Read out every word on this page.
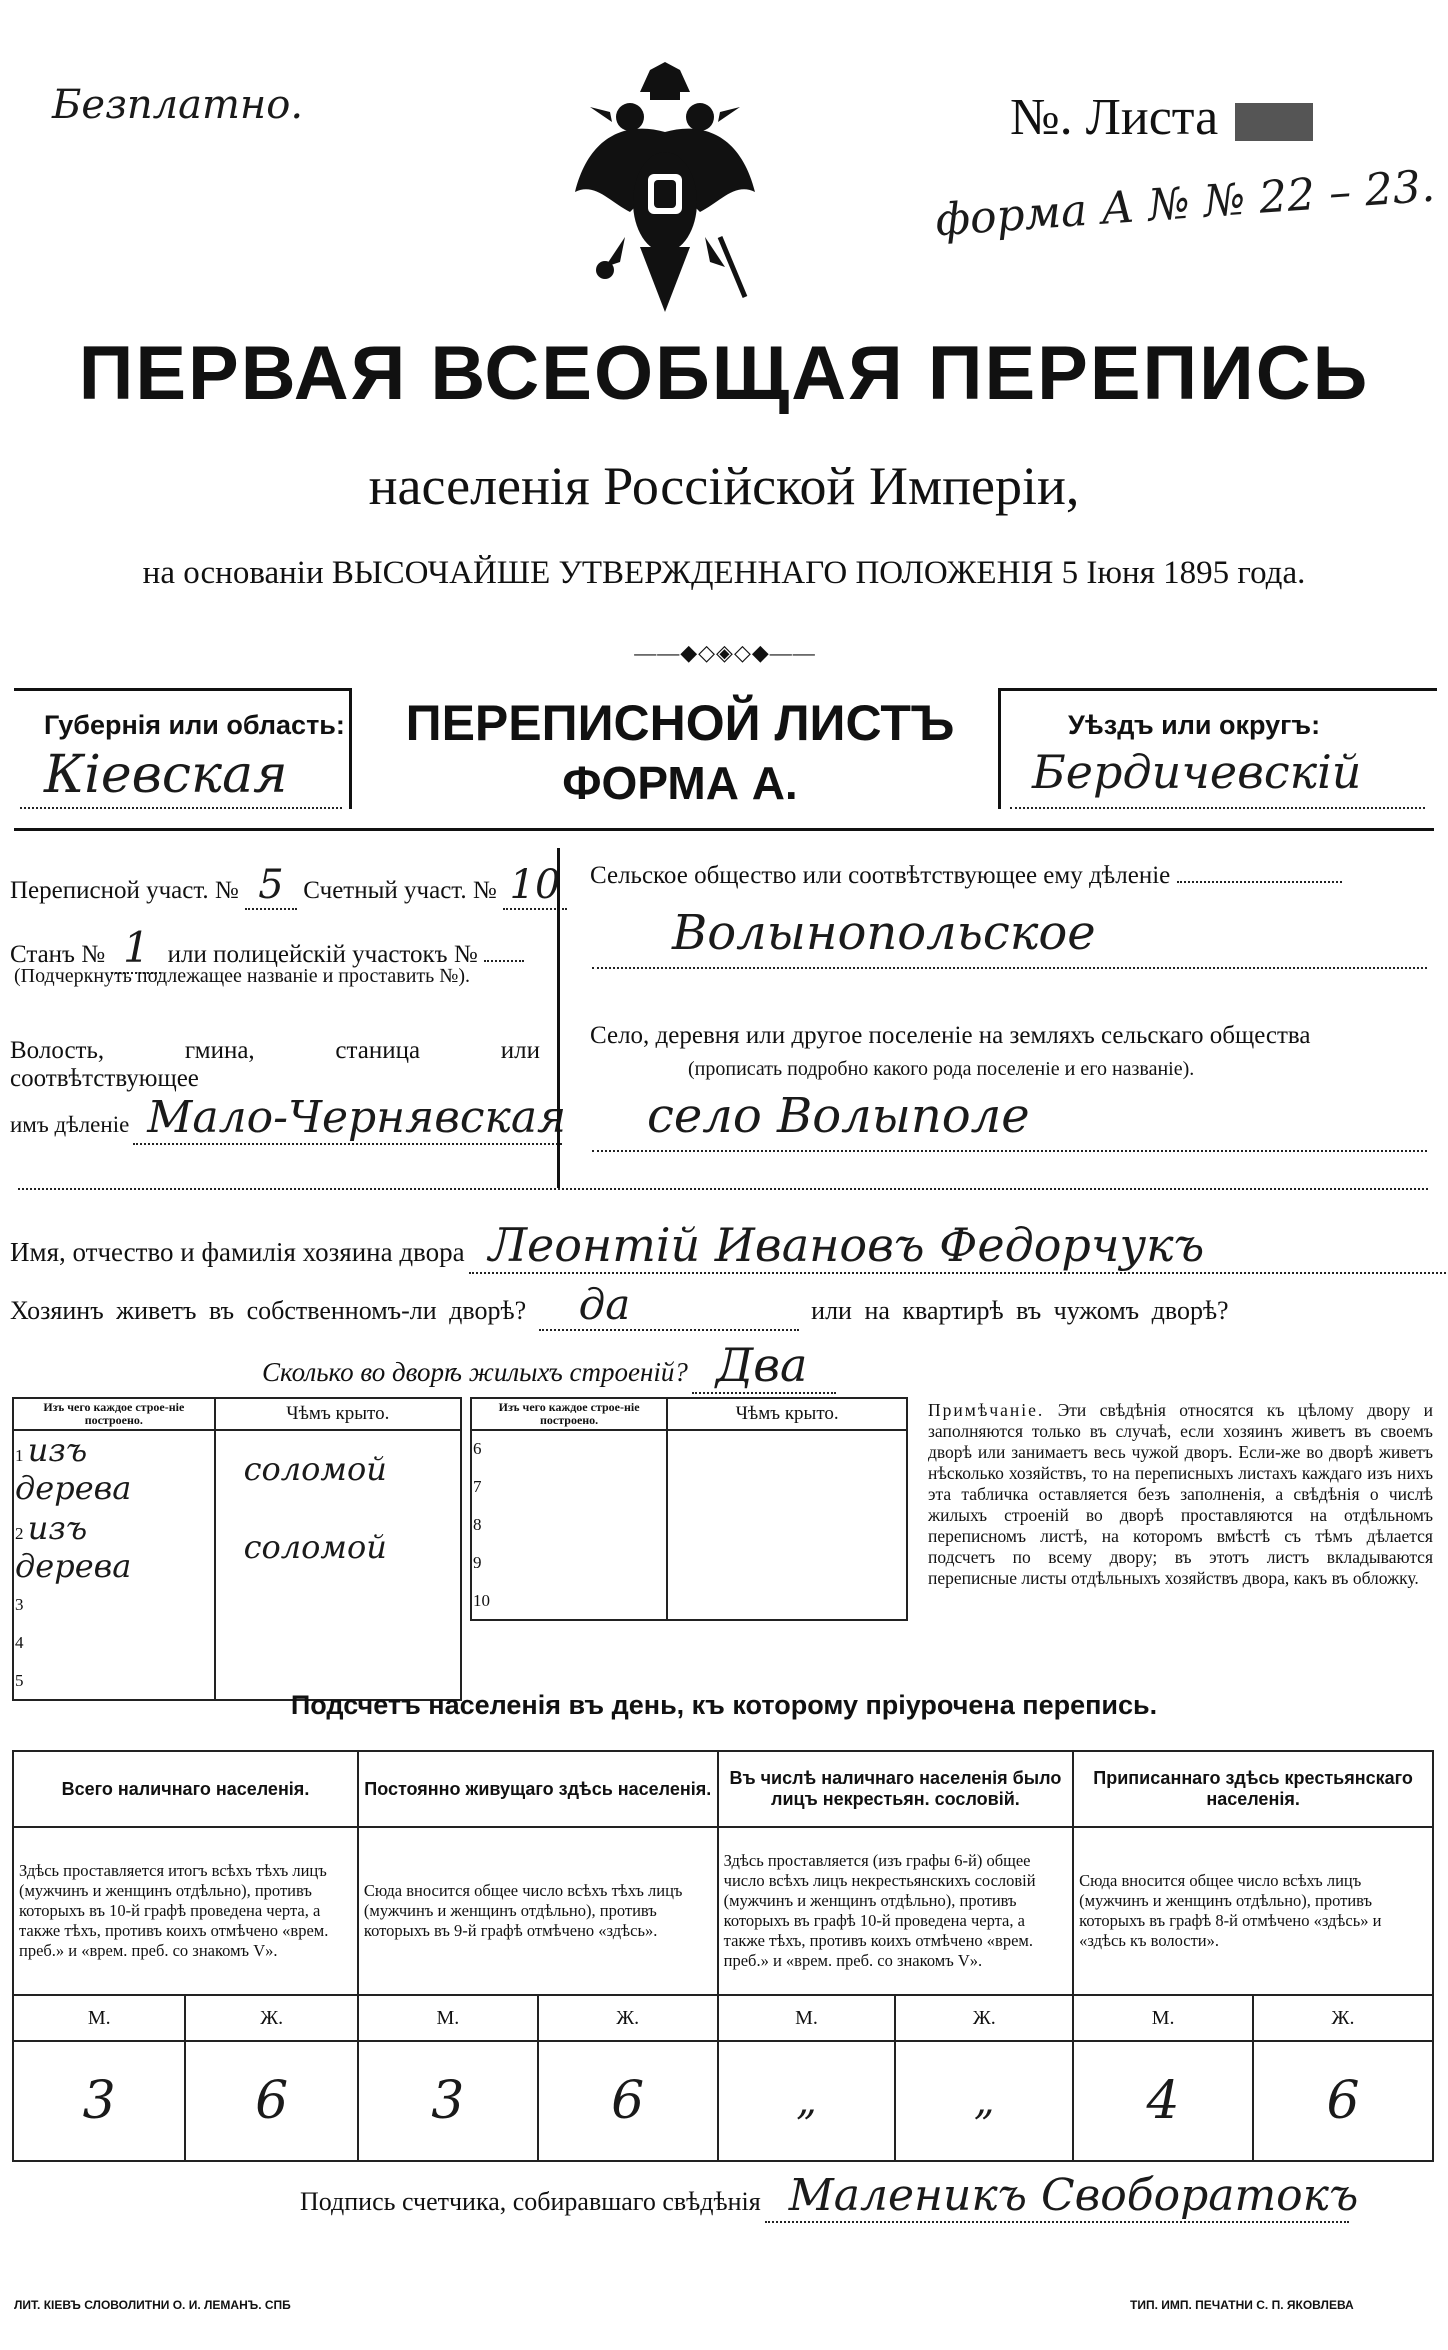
Безплатно.	№. Листа
форма А № № 22 – 23.
ПЕРВАЯ ВСЕОБЩАЯ ПЕРЕПИСЬ
населенія Россійской Имперіи,
на основаніи ВЫСОЧАЙШЕ УТВЕРЖДЕННАГО ПОЛОЖЕНІЯ 5 Іюня 1895 года.
——◆◇◈◇◆——
Губернія или область:
Кіевская
ПЕРЕПИСНОЙ ЛИСТЪ
ФОРМА А.
Уѣздъ или округъ:
Бердичевскій
Переписной участ. № 5 Счетный участ. № 10
Станъ № 1 или полицейскій участокъ №
(Подчеркнуть подлежащее названіе и проставить №).
Волость, гмина, станица или соотвѣтствующее
имъ дѣленіе Мало-Чернявская
Сельское общество или соотвѣтствующее ему дѣленіе
Волынопольское
Село, деревня или другое поселеніе на земляхъ сельскаго общества
(прописать подробно какого рода поселеніе и его названіе).
село Волыполе
Имя, отчество и фамилія хозяина двора Леонтій Ивановъ Федорчукъ
Хозяинъ живетъ въ собственномъ-ли дворѣ? да	или на квартирѣ въ чужомъ дворѣ?
Сколько во дворѣ жилыхъ строеній? Два
Изъ чего каждое строе-ніе построено.	Чѣмъ крыто.
1 изъ дерева	соломой
2 изъ дерева	соломой
3	
4	
5	
Изъ чего каждое строе-ніе построено.	Чѣмъ крыто.
6	
7	
8	
9	
10	
Примѣчаніе. Эти свѣдѣнія относятся къ цѣлому двору и заполняются только въ случаѣ, если хозяинъ живетъ въ своемъ дворѣ или занимаетъ весь чужой дворъ. Если-же во дворѣ живетъ нѣсколько хозяйствъ, то на переписныхъ листахъ каждаго изъ нихъ эта табличка оставляется безъ заполненія, а свѣдѣнія о числѣ жилыхъ строеній во дворѣ проставляются на отдѣльномъ переписномъ листѣ, на которомъ вмѣстѣ съ тѣмъ дѣлается подсчетъ по всему двору; въ этотъ листъ вкладываются переписные листы отдѣльныхъ хозяйствъ двора, какъ въ обложку.
Подсчетъ населенія въ день, къ которому пріурочена перепись.
Всего наличнаго населенія.		Постоянно живущаго здѣсь населенія.		Въ числѣ наличнаго населенія было лицъ некрестьян. сословій.		Приписаннаго здѣсь крестьянскаго населенія.	
Здѣсь проставляется итогъ всѣхъ тѣхъ лицъ (мужчинъ и женщинъ отдѣльно), противъ которыхъ въ 10-й графѣ проведена черта, а также тѣхъ, противъ коихъ отмѣчено «врем. преб.» и «врем. преб. со знакомъ V».		Сюда вносится общее число всѣхъ тѣхъ лицъ (мужчинъ и женщинъ отдѣльно), противъ которыхъ въ 9-й графѣ отмѣчено «здѣсь».		Здѣсь проставляется (изъ графы 6-й) общее число всѣхъ лицъ некрестьянскихъ сословій (мужчинъ и женщинъ отдѣльно), противъ которыхъ въ графѣ 10-й проведена черта, а также тѣхъ, противъ коихъ отмѣчено «врем. преб.» и «врем. преб. со знакомъ V».		Сюда вносится общее число всѣхъ лицъ (мужчинъ и женщинъ отдѣльно), противъ которыхъ въ графѣ 8-й отмѣчено «здѣсь» и «здѣсь къ волости».	
М.	Ж.	М.	Ж.	М.	Ж.	М.	Ж.
3	6	3	6	„	„	4	6
Подпись счетчика, собиравшаго свѣдѣнія Маленикъ Своборатокъ
ЛИТ. КІЕВЪ СЛОВОЛИТНИ О. И. ЛЕМАНЪ. СПБ	ТИП. ИМП. ПЕЧАТНИ С. П. ЯКОВЛЕВА
